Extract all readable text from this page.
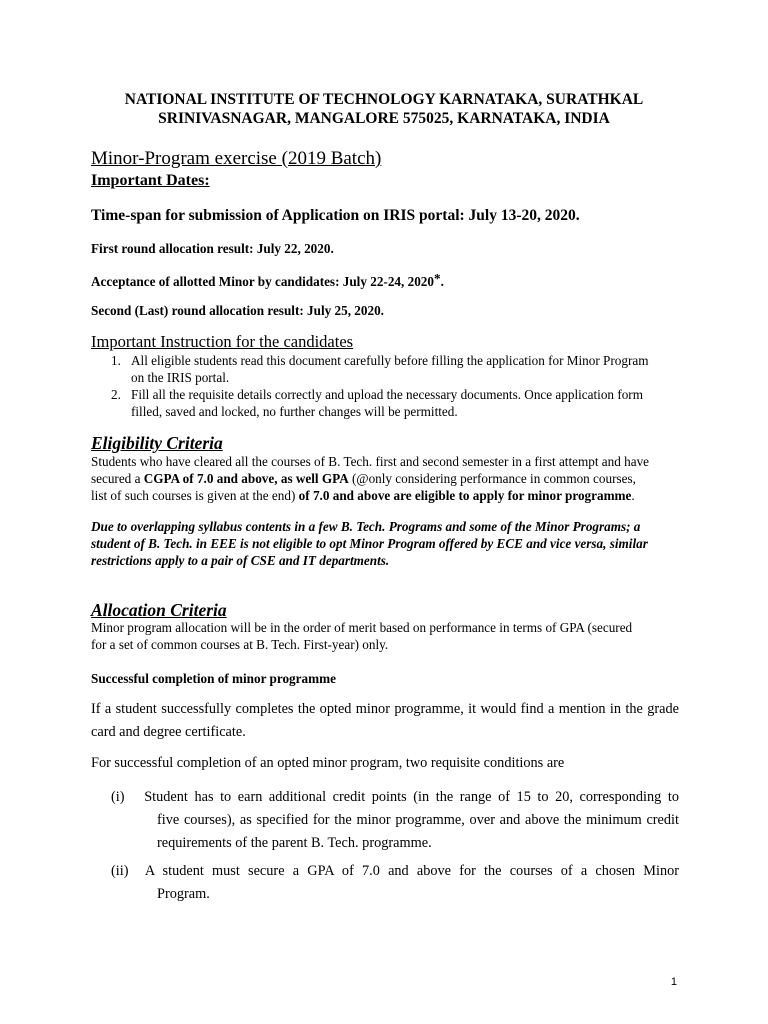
NATIONAL INSTITUTE OF TECHNOLOGY KARNATAKA, SURATHKAL
SRINIVASNAGAR, MANGALORE 575025, KARNATAKA, INDIA
Minor-Program exercise (2019 Batch)
Important Dates:
Time-span for submission of Application on IRIS portal: July 13-20, 2020.
First round allocation result: July 22, 2020.
Acceptance of allotted Minor by candidates: July 22-24, 2020*.
Second (Last) round allocation result: July 25, 2020.
Important Instruction for the candidates
1. All eligible students read this document carefully before filling the application for Minor Program
on the IRIS portal.
2. Fill all the requisite details correctly and upload the necessary documents. Once application form
filled, saved and locked, no further changes will be permitted.
Eligibility Criteria
Students who have cleared all the courses of B. Tech. first and second semester in a first attempt and have
secured a CGPA of 7.0 and above, as well GPA (@only considering performance in common courses,
list of such courses is given at the end) of 7.0 and above are eligible to apply for minor programme.
Due to overlapping syllabus contents in a few B. Tech. Programs and some of the Minor Programs; a
student of B. Tech. in EEE is not eligible to opt Minor Program offered by ECE and vice versa, similar
restrictions apply to a pair of CSE and IT departments.
Allocation Criteria
Minor program allocation will be in the order of merit based on performance in terms of GPA (secured
for a set of common courses at B. Tech. First-year) only.
Successful completion of minor programme
If a student successfully completes the opted minor programme, it would find a mention in the grade card and degree certificate.
For successful completion of an opted minor program, two requisite conditions are
(i) Student has to earn additional credit points (in the range of 15 to 20, corresponding to
five courses), as specified for the minor programme, over and above the minimum credit requirements of the parent B. Tech. programme.
(ii) A student must secure a GPA of 7.0 and above for the courses of a chosen Minor
Program.
1
